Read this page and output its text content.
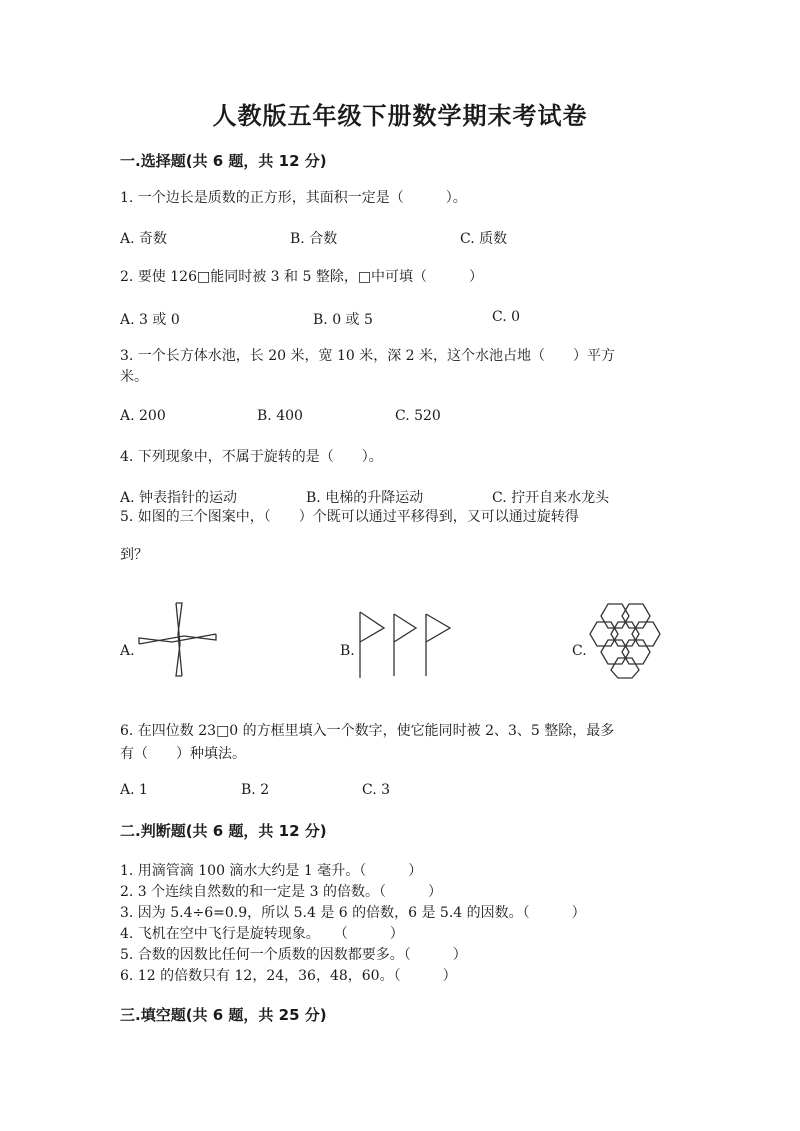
人教版五年级下册数学期末考试卷
一.选择题(共 6 题，共 12 分)
1. 一个边长是质数的正方形，其面积一定是（　　　）。
A. 奇数	B. 合数	C. 质数
2. 要使 126□能同时被 3 和 5 整除，□中可填（　　　）
A. 3 或 0	B. 0 或 5	C. 0
3. 一个长方体水池，长 20 米，宽 10 米，深 2 米，这个水池占地（　　）平方
米。
A. 200	B. 400	C. 520
4. 下列现象中，不属于旋转的是（　　）。
A. 钟表指针的运动	B. 电梯的升降运动	C. 拧开自来水龙头
5. 如图的三个图案中，（　　）个既可以通过平移得到，又可以通过旋转得
到？
A.	B.	C.
6. 在四位数 23□0 的方框里填入一个数字，使它能同时被 2、3、5 整除，最多
有（　　）种填法。
A. 1	B. 2	C. 3
二.判断题(共 6 题，共 12 分)
1. 用滴管滴 100 滴水大约是 1 毫升。（　　　）
2. 3 个连续自然数的和一定是 3 的倍数。（　　　）
3. 因为 5.4÷6=0.9，所以 5.4 是 6 的倍数，6 是 5.4 的因数。（　　　）
4. 飞机在空中飞行是旋转现象。　　（　　　）
5. 合数的因数比任何一个质数的因数都要多。（　　　）
6. 12 的倍数只有 12，24，36，48，60。（　　　）
三.填空题(共 6 题，共 25 分)
